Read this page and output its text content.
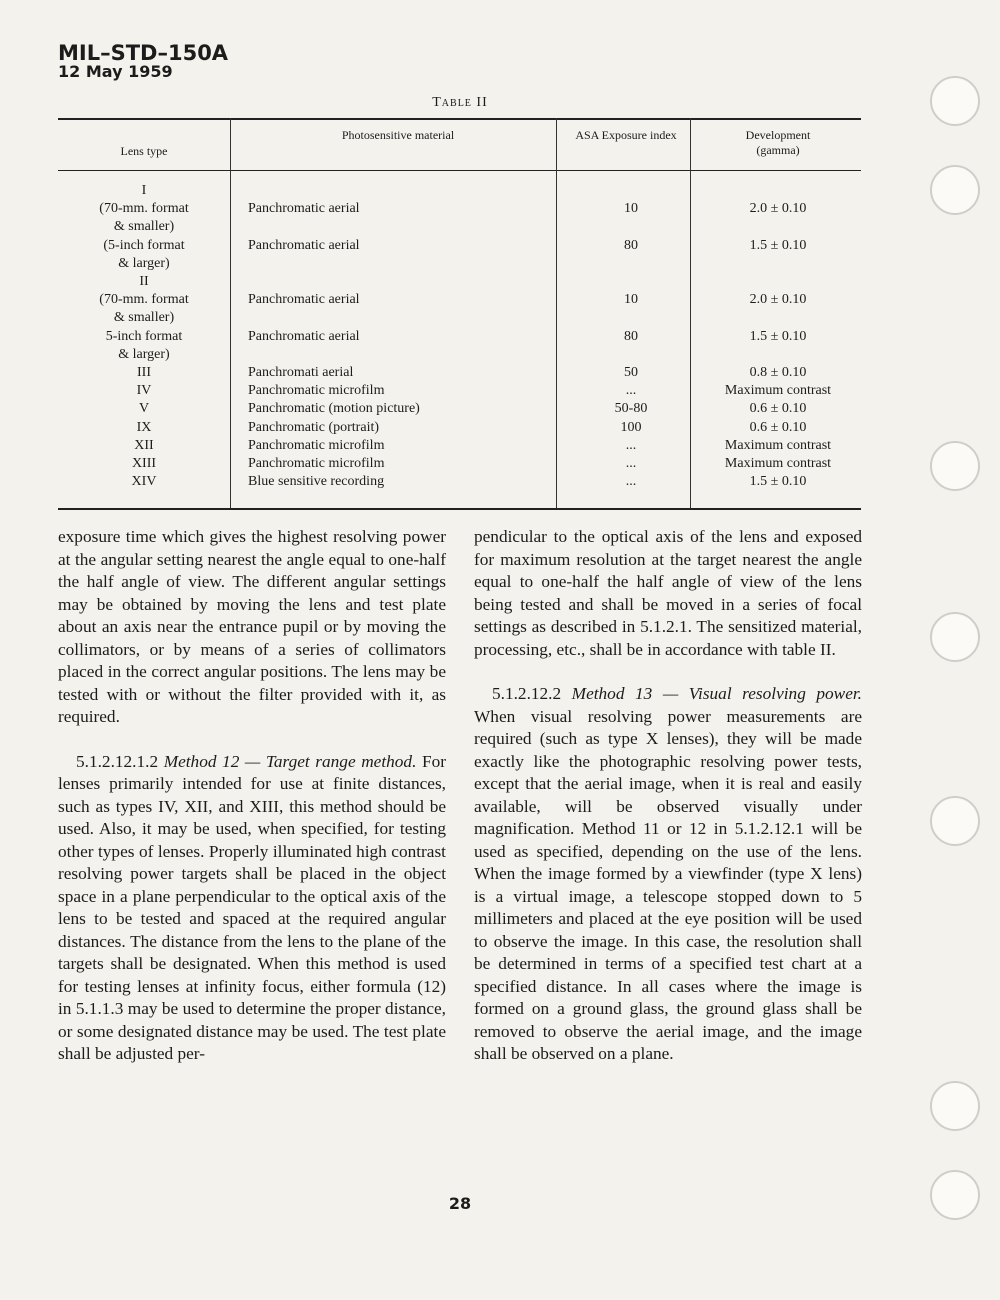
MIL–STD–150A
12 May 1959
Table II
Lens type
Photosensitive material	ASA Exposure index	Development (gamma)
I
(70-mm. format	Panchromatic aerial	10	2.0 ± 0.10
& smaller)
(5-inch format	Panchromatic aerial	80	1.5 ± 0.10
& larger)
II
(70-mm. format	Panchromatic aerial	10	2.0 ± 0.10
& smaller)
5-inch format	Panchromatic aerial	80	1.5 ± 0.10
& larger)
III	Panchromati aerial	50	0.8 ± 0.10
IV	Panchromatic microfilm	...	Maximum contrast
V	Panchromatic (motion picture)	50-80	0.6 ± 0.10
IX	Panchromatic (portrait)	100	0.6 ± 0.10
XII	Panchromatic microfilm	...	Maximum contrast
XIII	Panchromatic microfilm	...	Maximum contrast
XIV	Blue sensitive recording	...	1.5 ± 0.10

exposure time which gives the highest resolving power at the angular setting nearest the angle equal to one-half the half angle of view. The different angular settings may be obtained by moving the lens and test plate about an axis near the entrance pupil or by moving the collimators, or by means of a series of collimators placed in the correct angular positions. The lens may be tested with or without the filter provided with it, as required.

5.1.2.12.1.2 Method 12 — Target range method. For lenses primarily intended for use at finite distances, such as types IV, XII, and XIII, this method should be used. Also, it may be used, when specified, for testing other types of lenses. Properly illuminated high contrast resolving power targets shall be placed in the object space in a plane perpendicular to the optical axis of the lens to be tested and spaced at the required angular distances. The distance from the lens to the plane of the targets shall be designated. When this method is used for testing lenses at infinity focus, either formula (12) in 5.1.1.3 may be used to determine the proper distance, or some designated distance may be used. The test plate shall be adjusted per-

pendicular to the optical axis of the lens and exposed for maximum resolution at the target nearest the angle equal to one-half the half angle of view of the lens being tested and shall be moved in a series of focal settings as described in 5.1.2.1. The sensitized material, processing, etc., shall be in accordance with table II.

5.1.2.12.2 Method 13 — Visual resolving power. When visual resolving power measurements are required (such as type X lenses), they will be made exactly like the photographic resolving power tests, except that the aerial image, when it is real and easily available, will be observed visually under magnification. Method 11 or 12 in 5.1.2.12.1 will be used as specified, depending on the use of the lens. When the image formed by a viewfinder (type X lens) is a virtual image, a telescope stopped down to 5 millimeters and placed at the eye position will be used to observe the image. In this case, the resolution shall be determined in terms of a specified test chart at a specified distance. In all cases where the image is formed on a ground glass, the ground glass shall be removed to observe the aerial image, and the image shall be observed on a plane.

28
